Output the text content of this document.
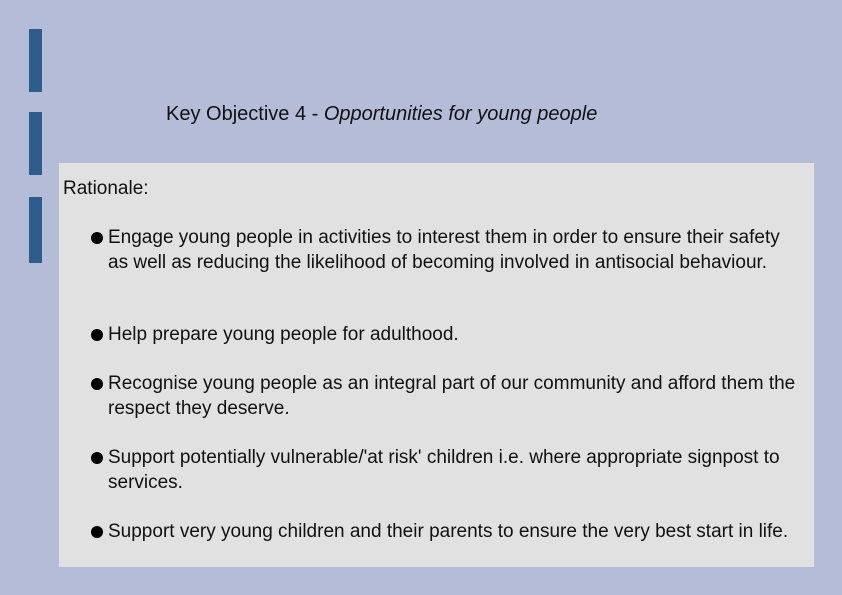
Key Objective 4 - Opportunities for young people
Rationale:
Engage young people in activities to interest them in order to ensure their safety as well as reducing the likelihood of becoming involved in antisocial behaviour.
Help prepare young people for adulthood.
Recognise young people as an integral part of our community and afford them the respect they deserve.
Support potentially vulnerable/'at risk' children i.e. where appropriate signpost to services.
Support very young children and their parents to ensure the very best start in life.
